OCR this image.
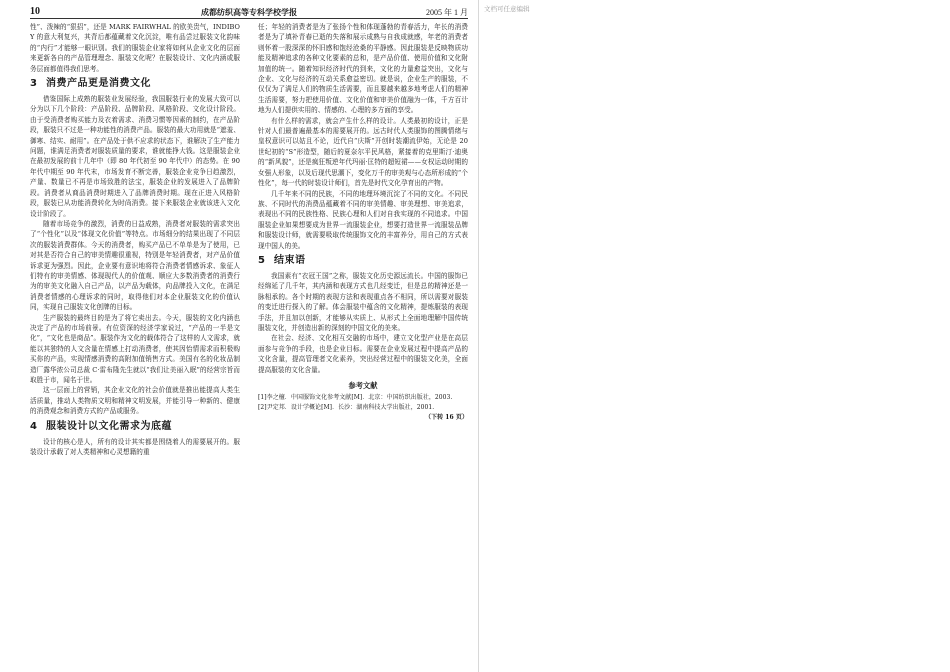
10	成都纺织高等专科学校学报	2005 年 1 月

性”、泼辣的“狠招”，还是 MARK FAIRWHAL 的欧美贵气，INDIBOY 的意大利复兴，其背后都蕴藏着文化沉淀，唯有品尝过服装文化韵味的“内行”才能够一眼识别。我们的服装企业家将如何从企业文化的层面来更新各自的产品管理理念、服装文化呢？在服装设计、文化内涵或服务层面都值得我们思考。

3 消费产品更是消费文化

借鉴国际上成熟的服装业发展经验，我国服装行业的发展大致可以分为以下几个阶段：产品阶段、品牌阶段、风格阶段、文化设计阶段。由于受消费者购买能力及衣着需求、消费习惯等因素的制约，在产品阶段，服装只不过是一种功能性的消费产品。服装的最大功用就是“遮羞、御寒、结实、耐用”。在产品处于供不应求的状态下，谁解决了生产能力问题，谁满足消费者对服装质量的要求，谁就能挣大钱。这是服装企业在最初发展的前十几年中（即 80 年代初至 90 年代中）的态势。在 90 年代中期至 90 年代末，市场发育不断完善，服装企业竞争日趋激烈，产量、数量已不再是市场致胜的法宝，服装企业的发展进入了品牌阶段。消费者从商品消费时期进入了品牌消费时期。现在正进入风格阶段，服装已从功能消费转化为时尚消费。接下来服装企业就该进入文化设计阶段了。

随着市场竞争的激烈，消费的日益成熟，消费者对服装的需求突出了“个性化”以及“体现文化价值”等特点。市场细分的结果出现了不同层次的服装消费群体。今天的消费者，购买产品已不单单是为了使用，已对其是否符合自己的审美情趣很重视，特别是年轻消费者，对产品价值诉求更为强烈。因此，企业要有意识地将符合消费者情感诉求、象征人们特有的审美情感、体现现代人的价值观、顺应大多数消费者的消费行为的审美文化融入自己产品，以产品为载体，向品牌投入文化，在满足消费者情感的心理诉求的同时，取得他们对本企业服装文化的价值认同，实现自己服装文化创牌的目标。

生产服装的最终目的是为了将它卖出去。今天，服装的文化内涵也决定了产品的市场前景。有位资深的经济学家说过，“产品的一半是文化”，“文化也是商品”。服装作为文化的载体符合了这样的人文需求，就能以其独特的人文含量在情感上打动消费者，使其因怡情需求而积极购买你的产品，实现情感消费的高附加值销售方式。美国有名的化妆品制造厂露华浓公司总裁 C·雷布隆先生就以“我们让美丽入眠”的经营宗旨而取胜于市，闻名于世。

这一层面上的营销，其企业文化的社会价值就是推出能提高人类生活质量，推动人类物质文明和精神文明发展，并能引导一种新的、健康的消费观念和消费方式的产品或服务。

4 服装设计以文化需求为底蕴

设计的核心是人，所有的设计其实都是围绕着人的需要展开的。服装设计承载了对人类精神和心灵想籍的重

任；年轻的消费者是为了张扬个性和体现蓬勃的青春活力，年长的消费者是为了填补青春已逝的失落和展示成熟与自我成就感，年老的消费者则怀着一股深深的怀旧感和饱经沧桑的平静感。因此服装是反映物质功能及精神追求的各种文化要素的总和，是产品价值、使用价值和文化附加值的统一。随着知识经济时代的到来，文化的力量愈益突出，文化与企业、文化与经济的互动关系愈益密切。就是说，企业生产的服装，不仅仅为了满足人们的物质生活需要，而且要越来越多地考虑人们的精神生活需要，努力把使用价值、文化价值和审美价值融为一体，千方百计地为人们提供实用的、情感的、心理的多方面的享受。

有什么样的需求，就会产生什么样的设计。人类最初的设计，正是针对人们最普遍最基本的需要展开的。远古时代人类服饰的图腾情绪与皇权意识可以姑且不论，近代自“庆斯”开创时装潮流伊始，无论是 20 世纪初的“S”形造型，随后的夏奈尔平民风格，紧接着的克里斯汀·迪奥的“新风貌”，还是疯狂叛逆年代玛丽·匡特的超短裙——女权运动时期的女强人形象，以及后现代思潮下，变化万千的审美观与心态所形成的“个性化”，每一代的时装设计师们，首先是时代文化孕育出的产物。

几千年来不同的民族，不同的地理环境沉淀了不同的文化。不同民族、不同时代的消费品蕴藏着不同的审美情趣、审美理想、审美追求，表现出不同的民族性格、民族心理和人们对自我实现的不同追求。中国服装企业如果想要成为世界一流服装企业，想要打造世界一流服装品牌和服装设计师，就需要吸取传统服饰文化的丰富养分，用自己的方式表现中国人的美。

5 结束语

我国素有“衣冠王国”之称，服装文化历史源远流长。中国的服饰已经绵延了几千年，其内涵和表现方式也几经变迁，但是总的精神还是一脉相承的。各个时期的表现方法和表现重点各不相同，所以需要对服装的变迁进行探入的了解。体会服装中蕴含的文化精神，提炼服装的表现手法，并且加以创新，才能够从实质上、从形式上全面地理解中国传统服装文化，并创造出新的深刻的中国文化的美来。

在社会、经济、文化相互交融的市场中，建立文化型产业是在高层面参与竞争的手段，也是企业目标。需要在企业发展过程中提高产品的文化含量，提高管理者文化素养，突出经营过程中的服装文化美，全面提高服装的文化含量。

参考文献
[1]李之檀．中国服饰文化参考文献[M]．北京：中国纺织出版社，2003.
[2]尹定邦．设计学概论[M]．长沙：湖南科技大学出版社，2001.
（下转 16 页）
文档可任意编辑
